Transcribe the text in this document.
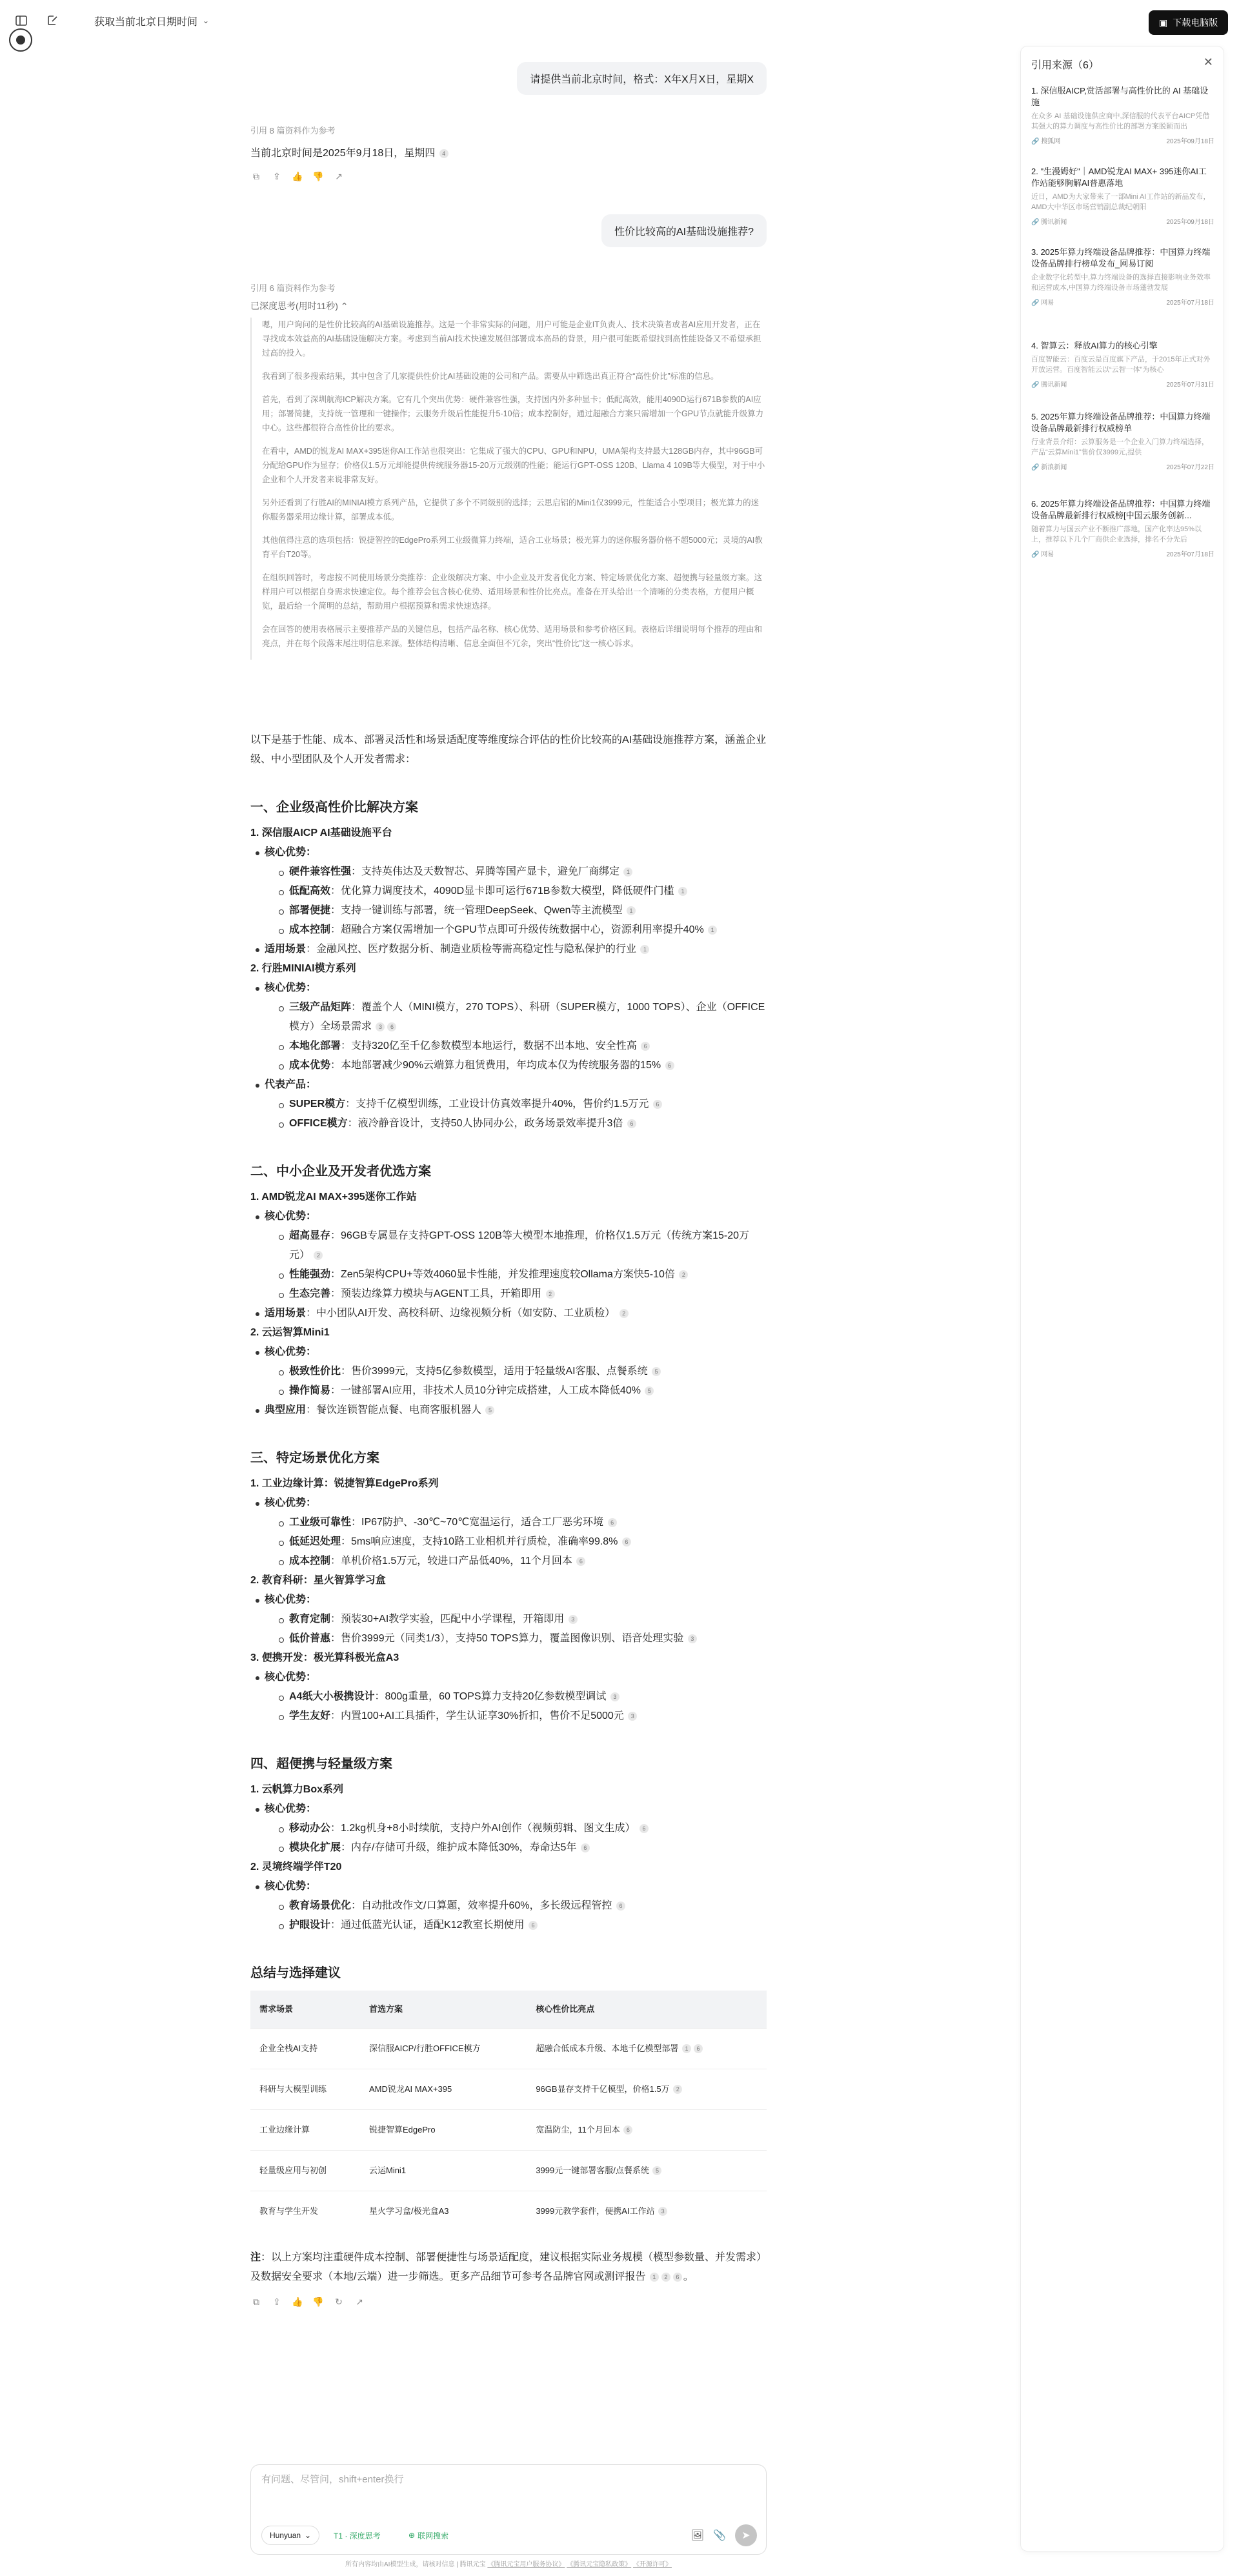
获取当前北京日期时间 ⌄	▣ 下载电脑版
请提供当前北京时间，格式：X年X月X日，星期X
引用 8 篇资料作为参考
当前北京时间是2025年9月18日，星期四 4
⧉ ⇪ 👍 👎 ↗
性价比较高的AI基础设施推荐?
引用 6 篇资料作为参考
已深度思考(用时11秒) ⌃

嗯，用户询问的是性价比较高的AI基础设施推荐。这是一个非常实际的问题，用户可能是企业IT负责人、技术决策者或者AI应用开发者，正在寻找成本效益高的AI基础设施解决方案。考虑到当前AI技术快速发展但部署成本高昂的背景，用户很可能既希望找到高性能设备又不希望承担过高的投入。

我看到了很多搜索结果，其中包含了几家提供性价比AI基础设施的公司和产品。需要从中筛选出真正符合“高性价比”标准的信息。

首先，看到了深圳航海ICP解决方案。它有几个突出优势：硬件兼容性强，支持国内外多种显卡；低配高效，能用4090D运行671B参数的AI应用；部署简捷，支持统一管理和一键操作；云服务升级后性能提升5-10倍；成本控制好，通过超融合方案只需增加一个GPU节点就能升级算力中心。这些都很符合高性价比的要求。

在看中，AMD的锐龙AI MAX+395迷你AI工作站也很突出：它集成了强大的CPU、GPU和NPU，UMA架构支持最大128GB内存，其中96GB可分配给GPU作为显存；价格仅1.5万元却能提供传统服务器15-20万元级别的性能；能运行GPT-OSS 120B、Llama 4 109B等大模型，对于中小企业和个人开发者来说非常友好。

另外还看到了行胜AI的MINIAI模方系列产品，它提供了多个不同级别的选择；云思启铝的Mini1仅3999元，性能适合小型项目；极光算力的迷你服务器采用边缘计算，部署成本低。

其他值得注意的选项包括：锐捷智控的EdgePro系列工业级微算力终端，适合工业场景；极光算力的迷你服务器价格不超5000元；灵境的AI教育平台T20等。

在组织回答时，考虑按不同使用场景分类推荐：企业级解决方案、中小企业及开发者优化方案、特定场景优化方案、超便携与轻量级方案。这样用户可以根据自身需求快速定位。每个推荐会包含核心优势、适用场景和性价比亮点。准备在开头给出一个清晰的分类表格，方便用户概览，最后给一个简明的总结，帮助用户根据预算和需求快速选择。

会在回答的使用表格展示主要推荐产品的关键信息，包括产品名称、核心优势、适用场景和参考价格区间。表格后详细说明每个推荐的理由和亮点，并在每个段落末尾注明信息来源。整体结构清晰、信息全面但不冗余，突出“性价比”这一核心诉求。

以下是基于性能、成本、部署灵活性和场景适配度等维度综合评估的性价比较高的AI基础设施推荐方案，涵盖企业级、中小型团队及个人开发者需求：
一、企业级高性价比解决方案
1. 深信服AICP AI基础设施平台
核心优势：
硬件兼容性强：支持英伟达及天数智芯、昇腾等国产显卡，避免厂商绑定 1
低配高效：优化算力调度技术，4090D显卡即可运行671B参数大模型，降低硬件门槛 1
部署便捷：支持一键训练与部署，统一管理DeepSeek、Qwen等主流模型 1
成本控制：超融合方案仅需增加一个GPU节点即可升级传统数据中心，资源利用率提升40% 1
适用场景：金融风控、医疗数据分析、制造业质检等需高稳定性与隐私保护的行业 1
2. 行胜MINIAI模方系列
核心优势：
三级产品矩阵：覆盖个人（MINI模方，270 TOPS）、科研（SUPER模方，1000 TOPS）、企业（OFFICE模方）全场景需求 3 6
本地化部署：支持320亿至千亿参数模型本地运行，数据不出本地、安全性高 6
成本优势：本地部署减少90%云端算力租赁费用，年均成本仅为传统服务器的15% 6
代表产品：
SUPER模方：支持千亿模型训练，工业设计仿真效率提升40%，售价约1.5万元 6
OFFICE模方：液冷静音设计，支持50人协同办公，政务场景效率提升3倍 6
二、中小企业及开发者优选方案
1. AMD锐龙AI MAX+395迷你工作站
核心优势：
超高显存：96GB专属显存支持GPT-OSS 120B等大模型本地推理，价格仅1.5万元（传统方案15-20万元） 2
性能强劲：Zen5架构CPU+等效4060显卡性能，并发推理速度较Ollama方案快5-10倍 2
生态完善：预装边缘算力模块与AGENT工具，开箱即用 2
适用场景：中小团队AI开发、高校科研、边缘视频分析（如安防、工业质检） 2
2. 云运智算Mini1
核心优势：
极致性价比：售价3999元，支持5亿参数模型，适用于轻量级AI客服、点餐系统 5
操作简易：一键部署AI应用，非技术人员10分钟完成搭建，人工成本降低40% 5
典型应用：餐饮连锁智能点餐、电商客服机器人 5
三、特定场景优化方案
1. 工业边缘计算：锐捷智算EdgePro系列
核心优势：
工业级可靠性：IP67防护、-30℃~70℃宽温运行，适合工厂恶劣环境 6
低延迟处理：5ms响应速度，支持10路工业相机并行质检，准确率99.8% 6
成本控制：单机价格1.5万元，较进口产品低40%，11个月回本 6
2. 教育科研：星火智算学习盒
核心优势：
教育定制：预装30+AI教学实验，匹配中小学课程，开箱即用 3
低价普惠：售价3999元（同类1/3），支持50 TOPS算力，覆盖图像识别、语音处理实验 3
3. 便携开发：极光算科极光盒A3
核心优势：
A4纸大小极携设计：800g重量，60 TOPS算力支持20亿参数模型调试 3
学生友好：内置100+AI工具插件，学生认证享30%折扣，售价不足5000元 3
四、超便携与轻量级方案
1. 云帆算力Box系列
核心优势：
移动办公：1.2kg机身+8小时续航，支持户外AI创作（视频剪辑、图文生成） 6
模块化扩展：内存/存储可升级，维护成本降低30%，寿命达5年 6
2. 灵境终端学伴T20
核心优势：
教育场景优化：自动批改作文/口算题，效率提升60%，多长级远程管控 6
护眼设计：通过低蓝光认证，适配K12教室长期使用 6
总结与选择建议
需求场景	首选方案	核心性价比亮点
企业全栈AI支持	深信服AICP/行胜OFFICE模方	超融合低成本升级、本地千亿模型部署 1 6
科研与大模型训练	AMD锐龙AI MAX+395	96GB显存支持千亿模型，价格1.5万 2
工业边缘计算	锐捷智算EdgePro	宽温防尘，11个月回本 6
轻量级应用与初创	云运Mini1	3999元一键部署客服/点餐系统 5
教育与学生开发	星火学习盒/极光盒A3	3999元教学套件，便携AI工作站 3
注：以上方案均注重硬件成本控制、部署便捷性与场景适配度，建议根据实际业务规模（模型参数量、并发需求）及数据安全要求（本地/云端）进一步筛选。更多产品细节可参考各品牌官网或测评报告 1 2 6 。
⧉ ⇪ 👍 👎 ↻ ↗
有问题、尽管问，shift+enter换行
Hunyuan ⌄	T1 · 深度思考	⊕ 联网搜索	🖼 📎	➤
所有内容均由AI模型生成，请核对信息 | 腾讯元宝 《腾讯元宝用户服务协议》 《腾讯元宝隐私政策》 《开源许可》
引用来源（6）	✕
1. 深信服AICP,赏活部署与高性价比的 AI 基础设施
在众多 AI 基础设施供应商中,深信服的代表平台AICP凭借其强大的算力调度与高性价比的部署方案脱颖而出
🔗 搜狐网	2025年09月18日
2. "生漫姆好"｜AMD锐龙AI MAX+ 395迷你AI工作站能够胸解AI普惠落地
近日，AMD为大家带来了一部Mini AI工作站的新品发布，AMD大中华区市场营销副总裁纪朝阳
🔗 腾讯新闻	2025年09月18日
3. 2025年算力终端设备品牌推荐：中国算力终端设备品牌排行榜单发布_网易订阅
企业数字化转型中,算力终端设备的选择直接影响业务效率和运营成本,中国算力终端设备市场蓬勃发展
🔗 网易	2025年07月18日
4. 智算云：释放AI算力的核心引擎
百度智能云：百度云是百度旗下产品，于2015年正式对外开放运营。百度智能云以“云智一体”为核心
🔗 腾讯新闻	2025年07月31日
5. 2025年算力终端设备品牌推荐：中国算力终端设备品牌最新排行权威榜单
行业背景介绍：云算服务是一个企业入门算力终端选择，产品“云算Mini1”售价仅3999元,提供
🔗 新浪新闻	2025年07月22日
6. 2025年算力终端设备品牌推荐：中国算力终端设备品牌最新排行权威榜[中国云服务创新...
随着算力与国云产业不断推广落地，国产化率达95%以上，推荐以下几个厂商供企业选择，排名不分先后
🔗 网易	2025年07月18日
